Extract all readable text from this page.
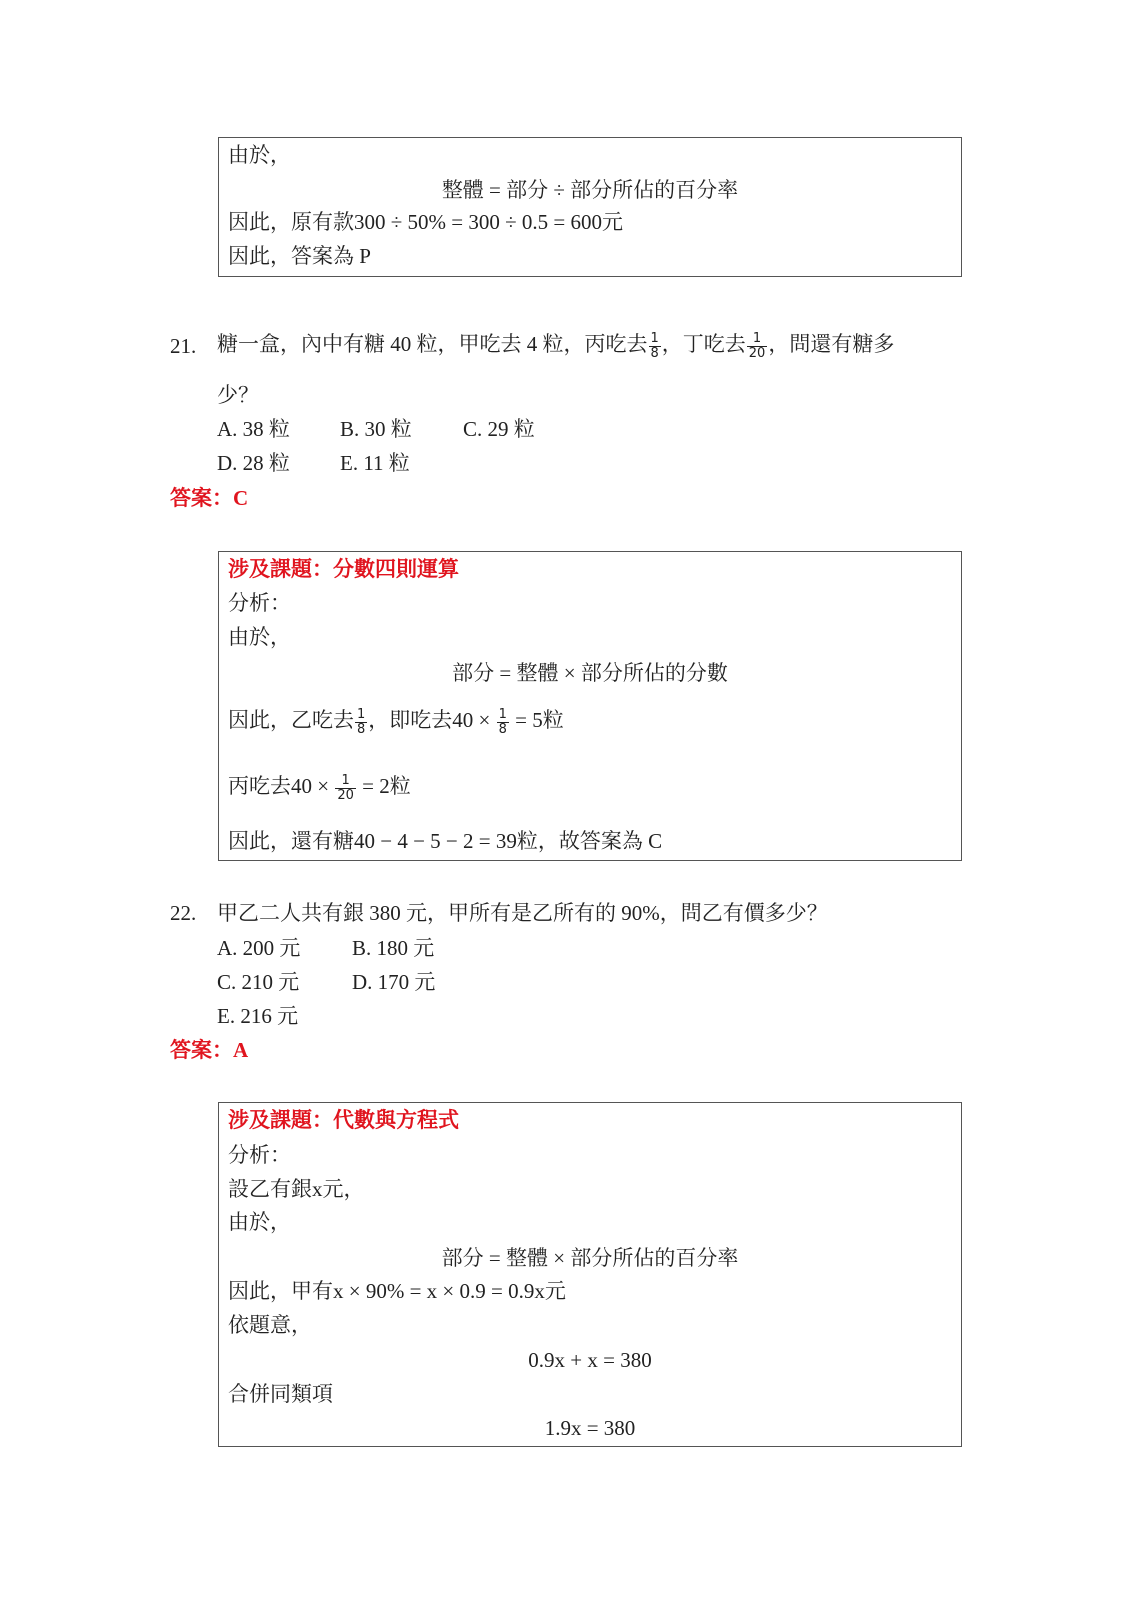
由於，
整體 = 部分 ÷ 部分所佔的百分率
因此，原有款300 ÷ 50% = 300 ÷ 0.5 = 600元
因此，答案為 P
21. 糖一盒，內中有糖 40 粒，甲吃去 4 粒，丙吃去 $\frac{1}{8}$ ，丁吃去 $\frac{1}{20}$ ，問還有糖多
少？
A. 38 粒 B. 30 粒 C. 29 粒
D. 28 粒 E. 11 粒
答案：C
涉及課題：分數四則運算
分析：
由於，
部分 = 整體 × 部分所佔的分數
因此，乙吃去 $\frac{1}{8}$ ，即吃去$40 \times \frac{1}{8} = 5$粒
丙吃去$40 \times \frac{1}{20} = 2$粒
因此，還有糖40 − 4 − 5 − 2 = 39粒，故答案為 C
22. 甲乙二人共有銀 380 元，甲所有是乙所有的 90%，問乙有價多少？
A. 200 元 B. 180 元
C. 210 元	D. 170 元
E. 216 元
答案：A
涉及課題：代數與方程式
分析：
設乙有銀x元，
由於，
部分 = 整體 × 部分所佔的百分率
因此，甲有x × 90% = x × 0.9 = 0.9x元
依題意，
0.9x + x = 380
合併同類項
1.9x = 380
